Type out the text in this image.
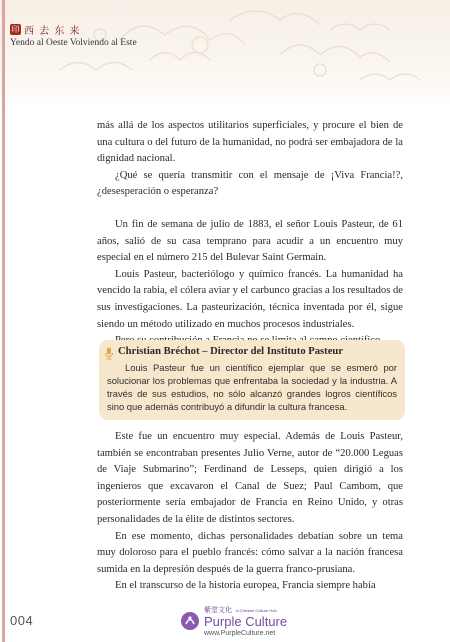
印 西 去 东 来
Yendo al Oeste Volviendo al Este

más allá de los aspectos utilitarios superficiales, y procure el bien de una cultura o del futuro de la humanidad, no podrá ser embajadora de la dignidad nacional.

¿Qué se quería transmitir con el mensaje de ¡Viva Francia!?, ¿desesperación o esperanza?

Un fin de semana de julio de 1883, el señor Louis Pasteur, de 61 años, salió de su casa temprano para acudir a un encuentro muy especial en el número 215 del Bulevar Saint Germain.

Louis Pasteur, bacteriólogo y químico francés. La humanidad ha vencido la rabia, el cólera aviar y el carbunco gracias a los resultados de sus investigaciones. La pasteurización, técnica inventada por él, sigue siendo un método utilizado en muchos procesos industriales.

Christian Bréchot – Director del Instituto Pasteur
Louis Pasteur fue un científico ejemplar que se esmeró por solucionar los problemas que enfrentaba la sociedad y la industria. A través de sus estudios, no sólo alcanzó grandes logros científicos sino que además contribuyó a difundir la cultura francesa.

Este fue un encuentro muy especial. Además de Louis Pasteur, también se encontraban presentes Julio Verne, autor de “20.000 Leguas de Viaje Submarino”; Ferdinand de Lesseps, quien dirigió a los ingenieros que excavaron el Canal de Suez; Paul Cambom, que posteriormente sería embajador de Francia en Reino Unido, y otras personalidades de la élite de distintos sectores.

En ese momento, dichas personalidades debatían sobre un tema muy doloroso para el pueblo francés: cómo salvar a la nación francesa sumida en la depresión después de la guerra franco-prusiana.

En el transcurso de la historia europea, Francia siempre había

004
紫堂文化 A Chinese Culture Hub
Purple Culture
www.PurpleCulture.net
